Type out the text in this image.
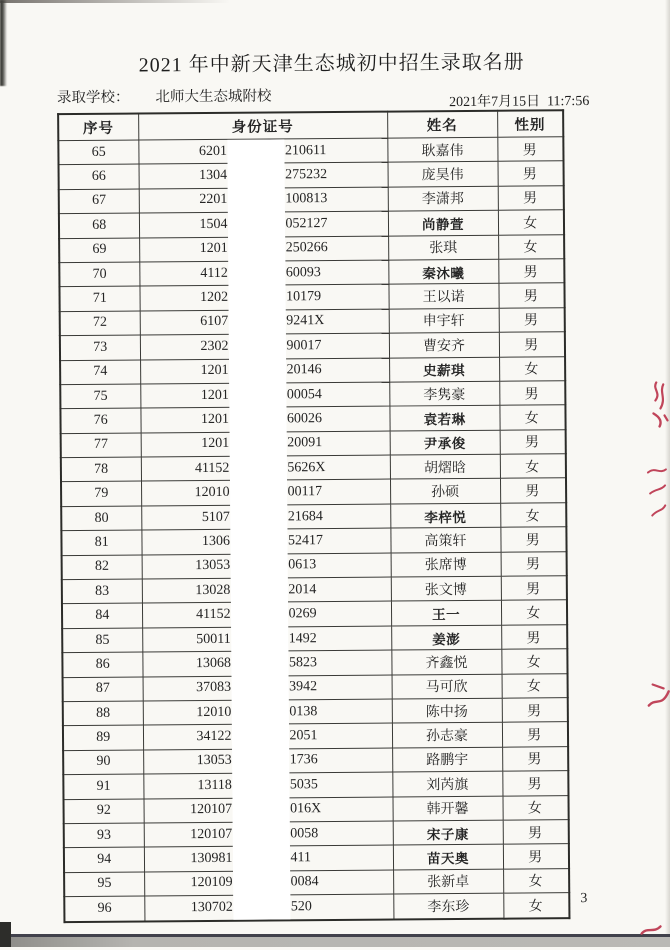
2021 年中新天津生态城初中招生录取名册
录取学校： 北师大生态城附校	2021年7月15日  11:7:56
序号	身份证号	姓名	性别
65	6201 210611	耿嘉伟	男
66	1304 275232	庞昊伟	男
67	2201 100813	李潇邦	男
68	1504 052127	尚静萱	女
69	1201 250266	张琪	女
70	4112 60093	秦沐曦	男
71	1202 10179	王以诺	男
72	6107 9241X	申宇轩	男
73	2302 90017	曹安齐	男
74	1201 20146	史薪琪	女
75	1201 00054	李隽豪	男
76	1201 60026	袁若琳	女
77	1201 20091	尹承俊	男
78	41152 5626X	胡熠晗	女
79	12010 00117	孙硕	男
80	5107 21684	李梓悦	女
81	1306 52417	高策轩	男
82	13053 0613	张席博	男
83	13028 2014	张文博	男
84	41152 0269	王一	女
85	50011 1492	姜澎	男
86	13068 5823	齐鑫悦	女
87	37083 3942	马可欣	女
88	12010 0138	陈中扬	男
89	34122 2051	孙志豪	男
90	13053 1736	路鹏宇	男
91	13118 5035	刘芮旗	男
92	120107 016X	韩开馨	女
93	120107 0058	宋子康	男
94	130981 411	苗天奥	男
95	120109 0084	张新卓	女
96	130702 520	李东珍	女
3
